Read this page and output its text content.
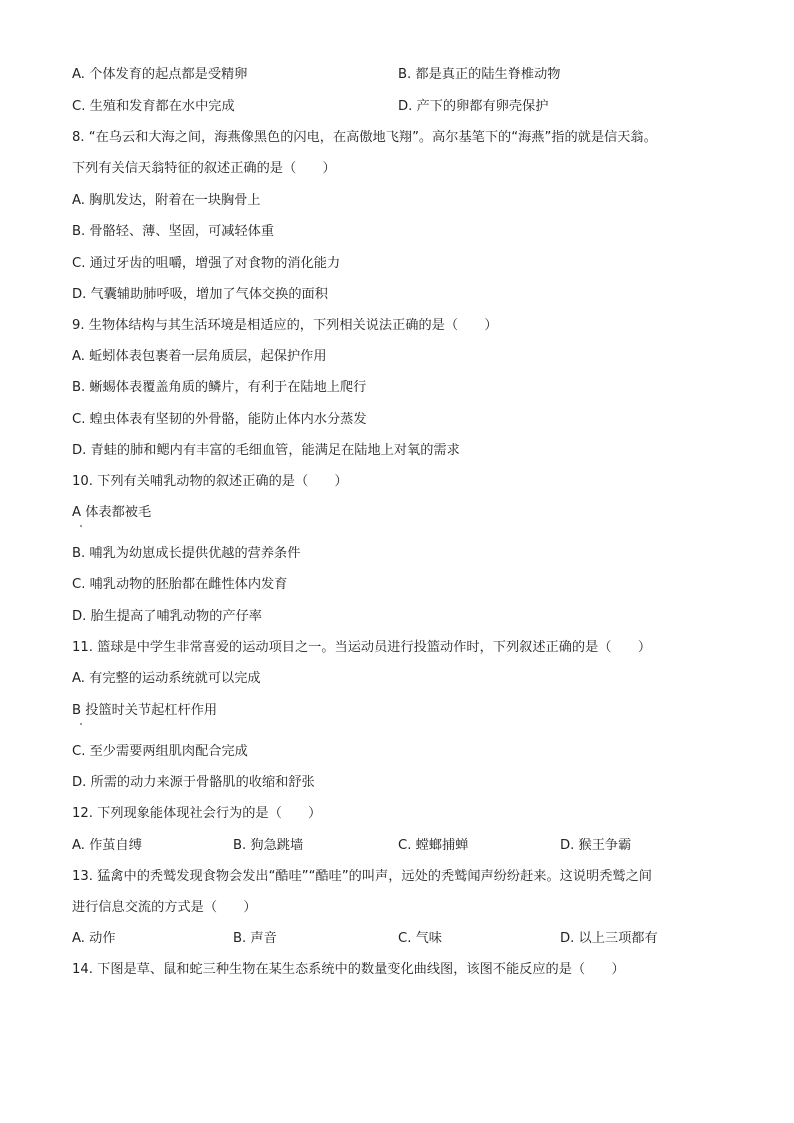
A. 个体发育的起点都是受精卵	B. 都是真正的陆生脊椎动物
C. 生殖和发育都在水中完成	D. 产下的卵都有卵壳保护
8. “在乌云和大海之间，海燕像黑色的闪电，在高傲地飞翔”。高尔基笔下的“海燕”指的就是信天翁。
下列有关信天翁特征的叙述正确的是（　　）
A. 胸肌发达，附着在一块胸骨上
B. 骨骼轻、薄、坚固，可减轻体重
C. 通过牙齿的咀嚼，增强了对食物的消化能力
D. 气囊辅助肺呼吸，增加了气体交换的面积
9. 生物体结构与其生活环境是相适应的，下列相关说法正确的是（　　）
A. 蚯蚓体表包裹着一层角质层，起保护作用
B. 蜥蜴体表覆盖角质的鳞片，有利于在陆地上爬行
C. 蝗虫体表有坚韧的外骨骼，能防止体内水分蒸发
D. 青蛙的肺和鳃内有丰富的毛细血管，能满足在陆地上对氧的需求
10. 下列有关哺乳动物的叙述正确的是（　　）
A 体表都被毛
B. 哺乳为幼崽成长提供优越的营养条件
C. 哺乳动物的胚胎都在雌性体内发育
D. 胎生提高了哺乳动物的产仔率
11. 篮球是中学生非常喜爱的运动项目之一。当运动员进行投篮动作时，下列叙述正确的是（　　）
A. 有完整的运动系统就可以完成
B 投篮时关节起杠杆作用
C. 至少需要两组肌肉配合完成
D. 所需的动力来源于骨骼肌的收缩和舒张
12. 下列现象能体现社会行为的是（　　）
A. 作茧自缚	B. 狗急跳墙	C. 螳螂捕蝉	D. 猴王争霸
13. 猛禽中的秃鹫发现食物会发出“酷哇”“酷哇”的叫声，远处的秃鹫闻声纷纷赶来。这说明秃鹫之间
进行信息交流的方式是（　　）
A. 动作	B. 声音	C. 气味	D. 以上三项都有
14. 下图是草、鼠和蛇三种生物在某生态系统中的数量变化曲线图，该图不能反应的是（　　）
